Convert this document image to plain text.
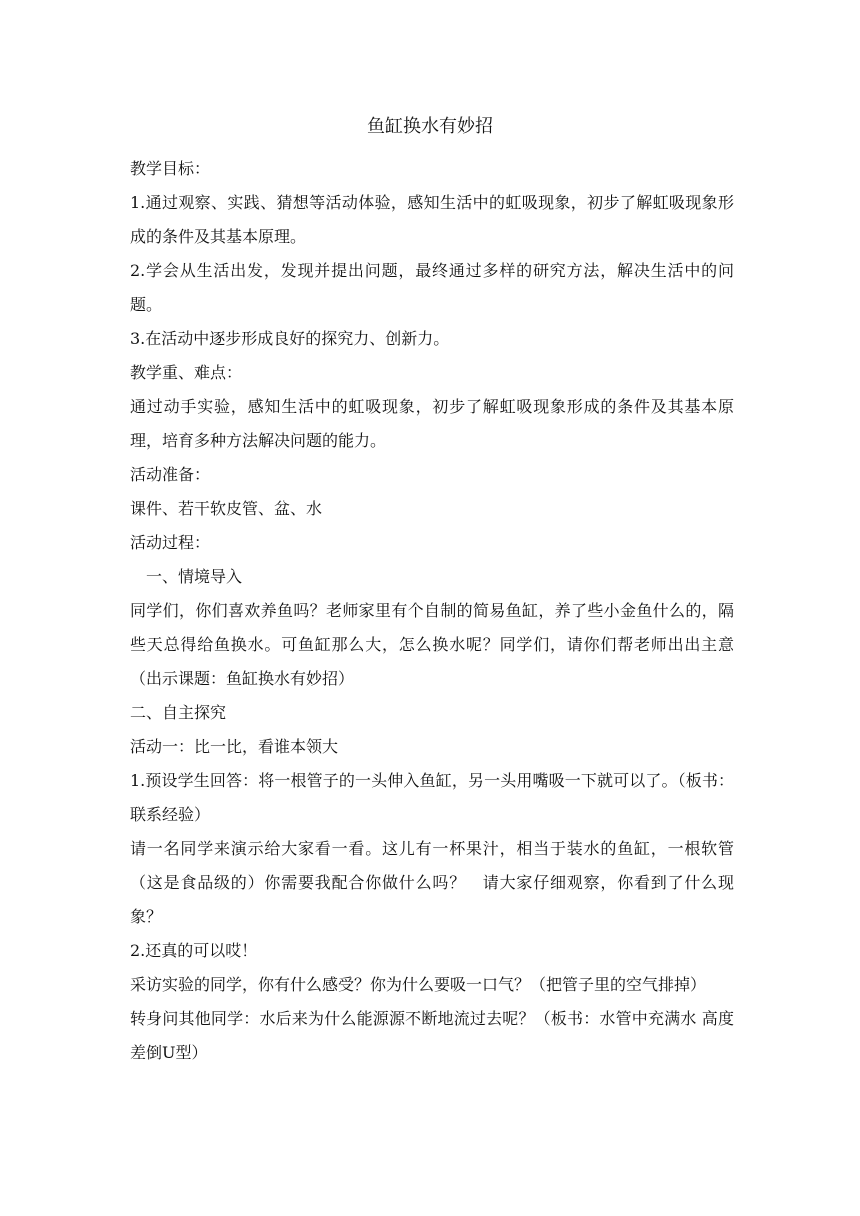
鱼缸换水有妙招

教学目标：

1.通过观察、实践、猜想等活动体验，感知生活中的虹吸现象，初步了解虹吸现象形成的条件及其基本原理。

2.学会从生活出发，发现并提出问题，最终通过多样的研究方法，解决生活中的问题。

3.在活动中逐步形成良好的探究力、创新力。

教学重、难点：

通过动手实验，感知生活中的虹吸现象，初步了解虹吸现象形成的条件及其基本原理，培育多种方法解决问题的能力。

活动准备：

课件、若干软皮管、盆、水

活动过程：

一、情境导入

同学们，你们喜欢养鱼吗？老师家里有个自制的简易鱼缸，养了些小金鱼什么的，隔些天总得给鱼换水。可鱼缸那么大，怎么换水呢？同学们，请你们帮老师出出主意（出示课题：鱼缸换水有妙招）

二、自主探究

活动一：比一比，看谁本领大

1.预设学生回答：将一根管子的一头伸入鱼缸，另一头用嘴吸一下就可以了。（板书：联系经验）

请一名同学来演示给大家看一看。这儿有一杯果汁，相当于装水的鱼缸，一根软管（这是食品级的）你需要我配合你做什么吗？　请大家仔细观察，你看到了什么现象？

2.还真的可以哎！

采访实验的同学，你有什么感受？你为什么要吸一口气？（把管子里的空气排掉）

转身问其他同学：水后来为什么能源源不断地流过去呢？（板书：水管中充满水 高度差倒U型）
